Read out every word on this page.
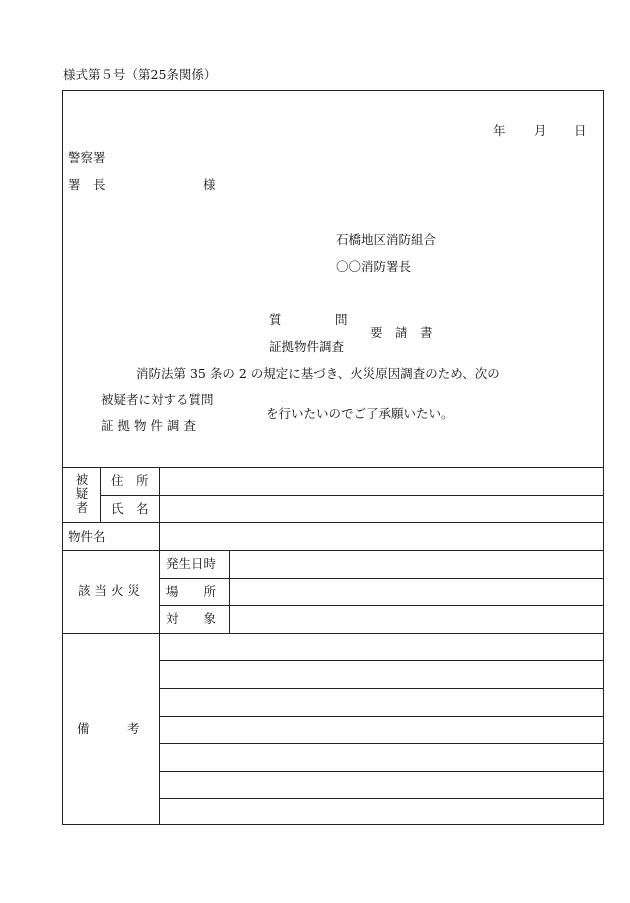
様式第５号（第25条関係）
年 月 日
警察署
署　長	様
石橋地区消防組合
〇〇消防署長
質	問
証拠物件調査
要　請　書
消防法第 35 条の 2 の規定に基づき、火災原因調査のため、次の
被疑者に対する質問
証 拠 物 件 調 査
を行いたいのでご了承願いたい。
被疑者
住　所
氏　名
物件名
該 当 火 災
発生日時
場　　所
対　　象
備　　　考
